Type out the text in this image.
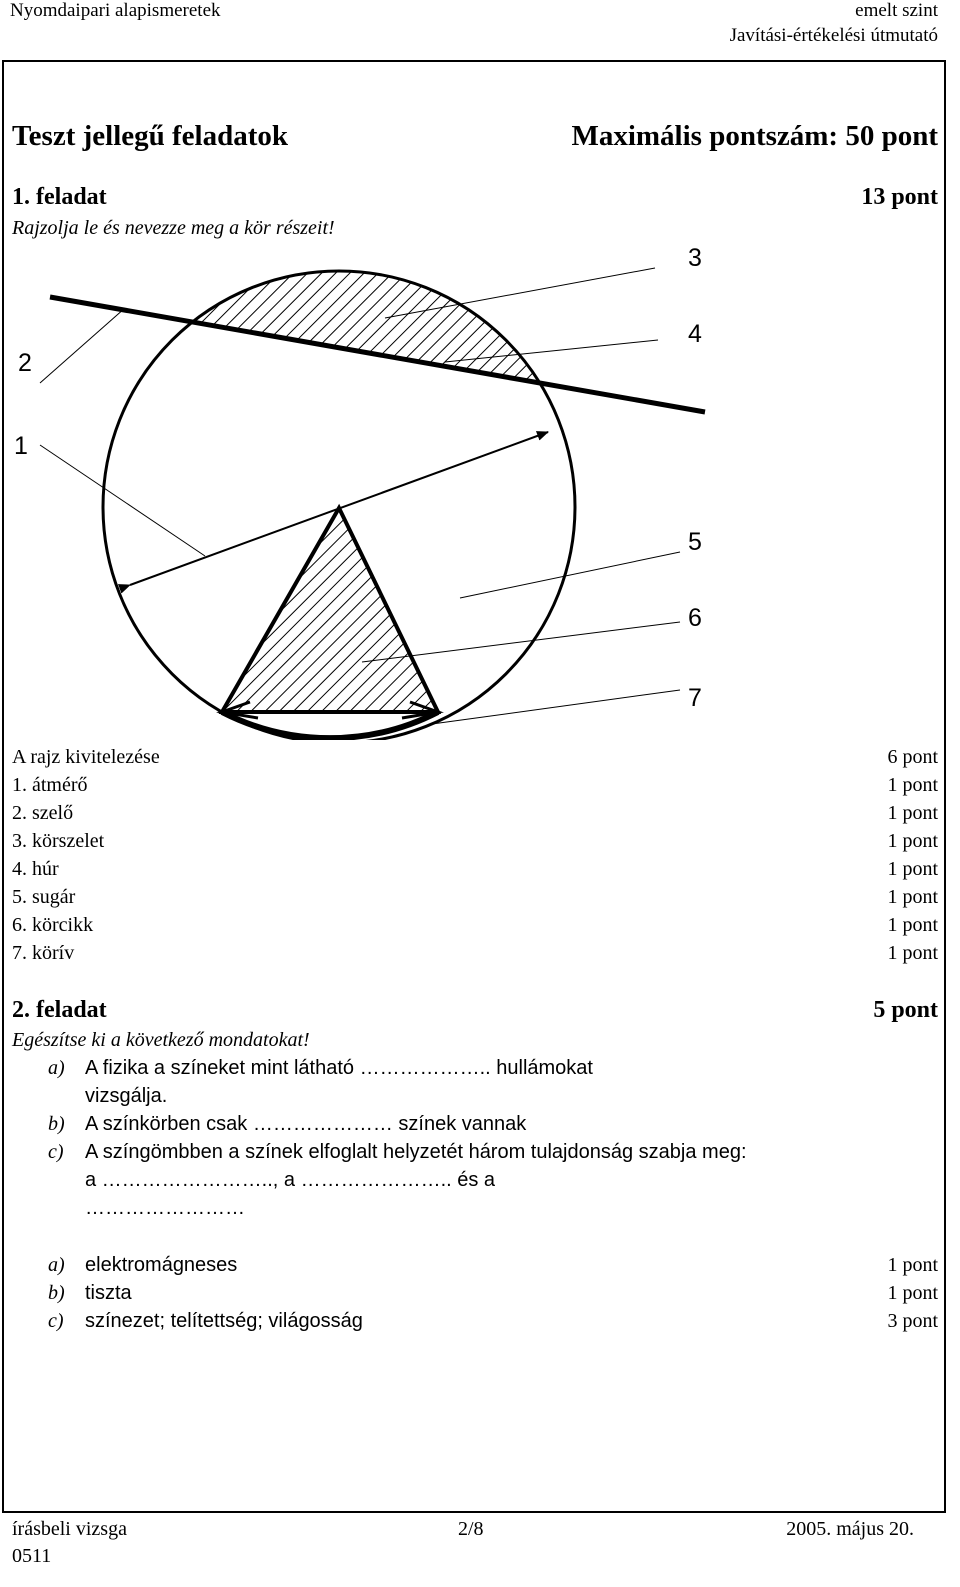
Nyomdaipari alapismeretek	emelt szint
Javítási-értékelési útmutató
Teszt jellegű feladatok	Maximális pontszám: 50 pont
1. feladat	13 pont
Rajzolja le és nevezze meg a kör részeit!
1
2
3
4
5
6
7
A rajz kivitelezése	6 pont
1. átmérő	1 pont
2. szelő	1 pont
3. körszelet	1 pont
4. húr	1 pont
5. sugár	1 pont
6. körcikk	1 pont
7. körív	1 pont
2. feladat	5 pont
Egészítse ki a következő mondatokat!
a) A fizika a színeket mint látható ……………….. hullámokat
vizsgálja.
b) A színkörben csak ………………… színek vannak
c) A színgömbben a színek elfoglalt helyzetét három tulajdonság szabja meg:
a …………………….., a ………………….. és a
……………………
a) elektromágneses	1 pont
b) tiszta	1 pont
c) színezet; telítettség; világosság	3 pont
írásbeli vizsga
0511
2/8	2005. május 20.
